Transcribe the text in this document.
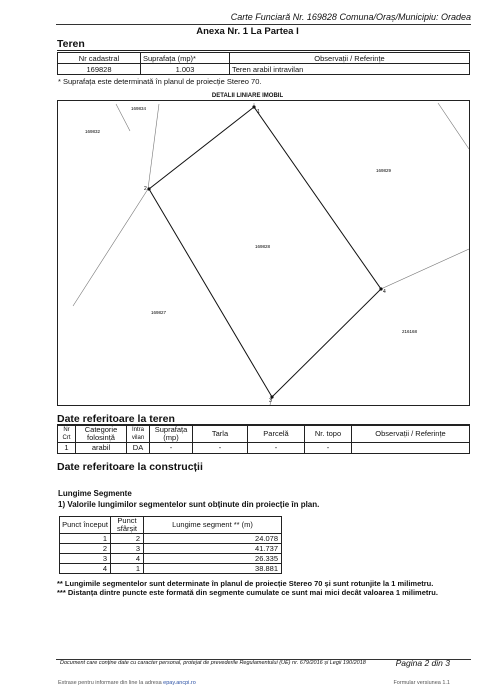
Carte Funciară Nr. 169828 Comuna/Oraș/Municipiu: Oradea
Anexa Nr. 1 La Partea I
Teren
Nr cadastral	Suprafața (mp)*	Observații / Referințe
169828	1.003	Teren arabil intravilan
* Suprafața este determinată în planul de proiecție Stereo 70.
DETALII LINIARE IMOBIL
1
2
3
4
169834
169832
169829
169828
169827
216168
Date referitoare la teren
Nr Crt	Categorie folosință	Intra vilan	Suprafața (mp)	Tarla	Parcelă	Nr. topo	Observații / Referințe
1	arabil	DA	-	-	-	-	
Date referitoare la construcții
Lungime Segmente
1) Valorile lungimilor segmentelor sunt obținute din proiecție în plan.
Punct început	Punct sfârșit	Lungime segment ** (m)
1	2	24.078
2	3	41.737
3	4	26.335
4	1	38.881
** Lungimile segmentelor sunt determinate în planul de proiecție Stereo 70 și sunt rotunjite la 1 milimetru.
*** Distanța dintre puncte este formată din segmente cumulate ce sunt mai mici decât valoarea 1 milimetru.
Document care conține date cu caracter personal, protejat de prevederile Regulamentului (UE) nr. 679/2016 și Legii 190/2018	Pagina 2 din 3
Extrase pentru informare din line la adresa epay.ancpi.ro	Formular versiunea 1.1
